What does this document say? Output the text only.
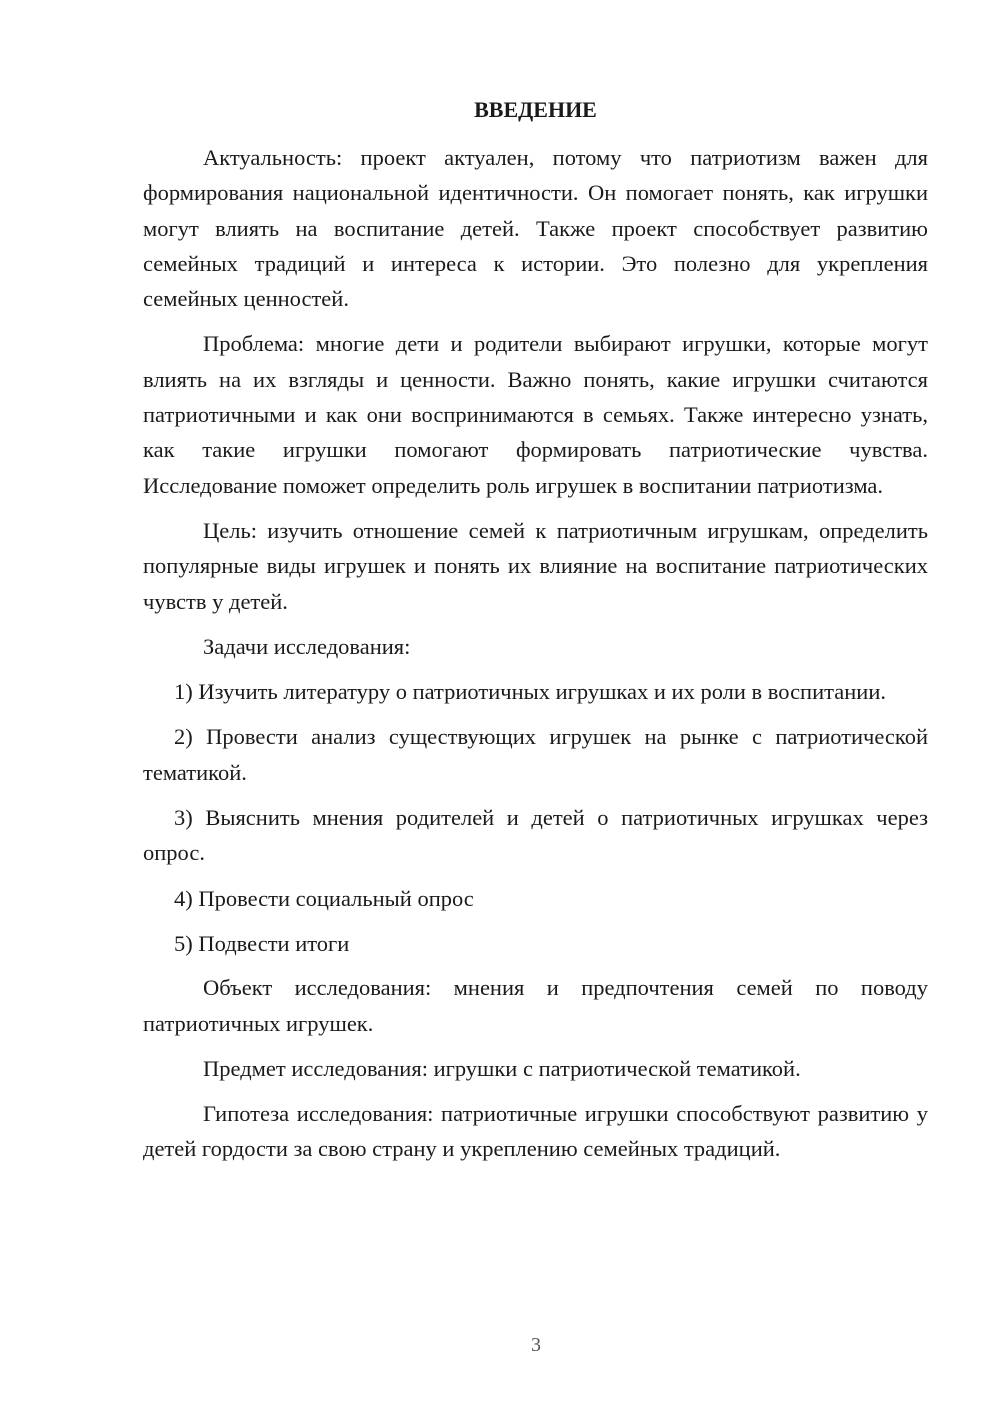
ВВЕДЕНИЕ

Актуальность: проект актуален, потому что патриотизм важен для формирования национальной идентичности. Он помогает понять, как игрушки могут влиять на воспитание детей. Также проект способствует развитию семейных традиций и интереса к истории. Это полезно для укрепления семейных ценностей.

Проблема: многие дети и родители выбирают игрушки, которые могут влиять на их взгляды и ценности. Важно понять, какие игрушки считаются патриотичными и как они воспринимаются в семьях. Также интересно узнать, как такие игрушки помогают формировать патриотические чувства. Исследование поможет определить роль игрушек в воспитании патриотизма.

Цель: изучить отношение семей к патриотичным игрушкам, определить популярные виды игрушек и понять их влияние на воспитание патриотических чувств у детей.

Задачи исследования:

1) Изучить литературу о патриотичных игрушках и их роли в воспитании.

2) Провести анализ существующих игрушек на рынке с патриотической тематикой.

3) Выяснить мнения родителей и детей о патриотичных игрушках через опрос.

4) Провести социальный опрос

5) Подвести итоги

Объект исследования: мнения и предпочтения семей по поводу патриотичных игрушек.

Предмет исследования: игрушки с патриотической тематикой.

Гипотеза исследования: патриотичные игрушки способствуют развитию у детей гордости за свою страну и укреплению семейных традиций.

3
